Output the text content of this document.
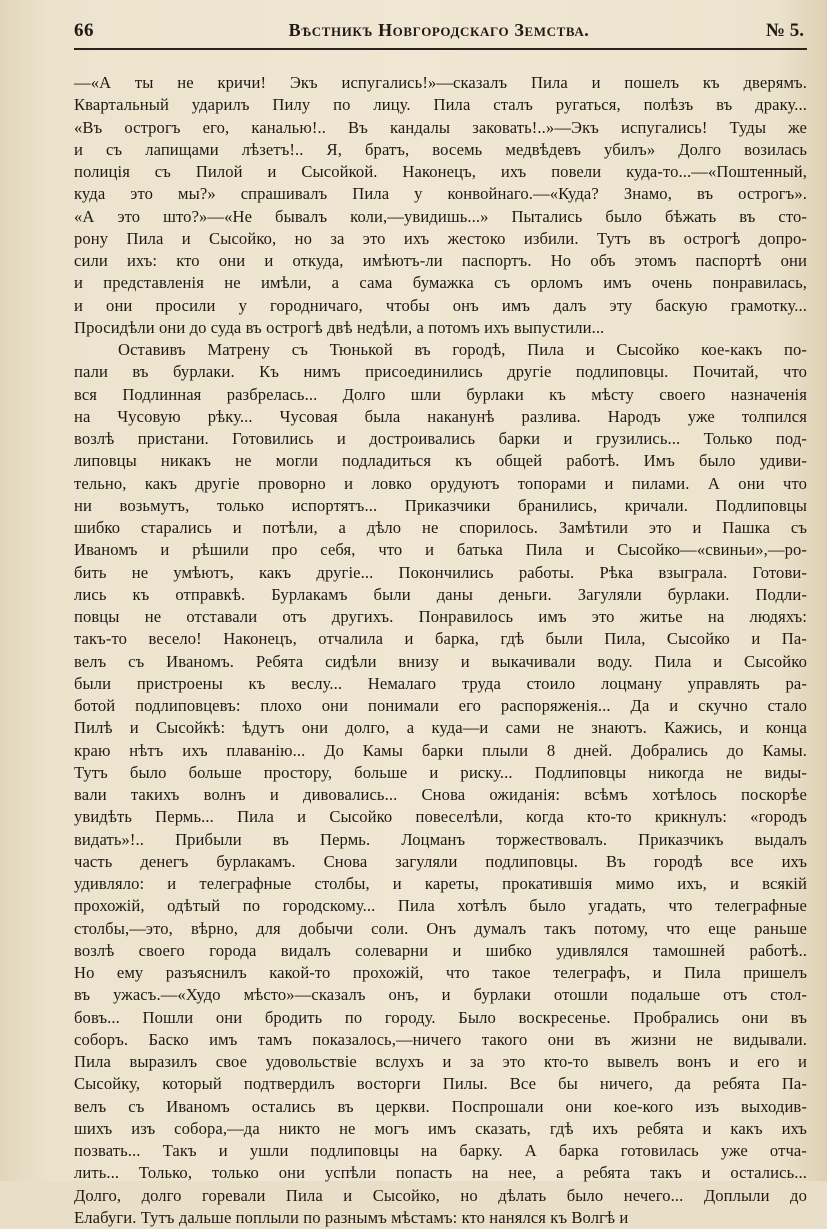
66	Вѣстникъ Новгородскаго Земства.	№ 5.
—«А ты не кричи! Экъ испугались!»—сказалъ Пила и пошелъ къ дверямъ.
Квартальный ударилъ Пилу по лицу. Пила сталъ ругаться, полѣзъ въ драку...
«Въ острогъ его, каналью!.. Въ кандалы заковать!..»—Экъ испугались! Туды же
и съ лапищами лѣзетъ!.. Я, братъ, восемь медвѣдевъ убилъ» Долго возилась
полиція съ Пилой и Сысойкой. Наконецъ, ихъ повели куда-то...—«Поштенный,
куда это мы?» спрашивалъ Пила у конвойнаго.—«Куда? Знамо, въ острогъ».
«А это што?»—«Не бывалъ коли,—увидишь...» Пытались было бѣжать въ сто-
рону Пила и Сысойко, но за это ихъ жестоко избили. Тутъ въ острогѣ допро-
сили ихъ: кто они и откуда, имѣютъ-ли паспортъ. Но объ этомъ паспортѣ они
и представленія не имѣли, а сама бумажка съ орломъ имъ очень понравилась,
и они просили у городничаго, чтобы онъ имъ далъ эту баскую грамотку...
Просидѣли они до суда въ острогѣ двѣ недѣли, а потомъ ихъ выпустили...
Оставивъ Матрену съ Тюнькой въ городѣ, Пила и Сысойко кое-какъ по-
пали въ бурлаки. Къ нимъ присоединились другіе подлиповцы. Почитай, что
вся Подлинная разбрелась... Долго шли бурлаки къ мѣсту своего назначенія
на Чусовую рѣку... Чусовая была наканунѣ разлива. Народъ уже толпился
возлѣ пристани. Готовились и достроивались барки и грузились... Только под-
липовцы никакъ не могли подладиться къ общей работѣ. Имъ было удиви-
тельно, какъ другіе проворно и ловко орудуютъ топорами и пилами. А они что
ни возьмутъ, только испортятъ... Приказчики бранились, кричали. Подлиповцы
шибко старались и потѣли, а дѣло не спорилось. Замѣтили это и Пашка съ
Иваномъ и рѣшили про себя, что и батька Пила и Сысойко—«свиньи»,—ро-
бить не умѣютъ, какъ другіе... Покончились работы. Рѣка взыграла. Готови-
лись къ отправкѣ. Бурлакамъ были даны деньги. Загуляли бурлаки. Подли-
повцы не отставали отъ другихъ. Понравилось имъ это житье на людяхъ:
такъ-то весело! Наконецъ, отчалила и барка, гдѣ были Пила, Сысойко и Па-
велъ съ Иваномъ. Ребята сидѣли внизу и выкачивали воду. Пила и Сысойко
были пристроены къ веслу... Немалаго труда стоило лоцману управлять ра-
ботой подлиповцевъ: плохо они понимали его распоряженія... Да и скучно стало
Пилѣ и Сысойкѣ: ѣдутъ они долго, а куда—и сами не знаютъ. Кажись, и конца
краю нѣтъ ихъ плаванію... До Камы барки плыли 8 дней. Добрались до Камы.
Тутъ было больше простору, больше и риску... Подлиповцы никогда не виды-
вали такихъ волнъ и дивовались... Снова ожиданія: всѣмъ хотѣлось поскорѣе
увидѣть Пермь... Пила и Сысойко повеселѣли, когда кто-то крикнулъ: «городъ
видать»!.. Прибыли въ Пермь. Лоцманъ торжествовалъ. Приказчикъ выдалъ
часть денегъ бурлакамъ. Снова загуляли подлиповцы. Въ городѣ все ихъ
удивляло: и телеграфные столбы, и кареты, прокатившія мимо ихъ, и всякій
прохожій, одѣтый по городскому... Пила хотѣлъ было угадать, что телеграфные
столбы,—это, вѣрно, для добычи соли. Онъ думалъ такъ потому, что еще раньше
возлѣ своего города видалъ солеварни и шибко удивлялся тамошней работѣ..
Но ему разъяснилъ какой-то прохожій, что такое телеграфъ, и Пила пришелъ
въ ужасъ.—«Худо мѣсто»—сказалъ онъ, и бурлаки отошли подальше отъ стол-
бовъ... Пошли они бродить по городу. Было воскресенье. Пробрались они въ
соборъ. Баско имъ тамъ показалось,—ничего такого они въ жизни не видывали.
Пила выразилъ свое удовольствіе вслухъ и за это кто-то вывелъ вонъ и его и
Сысойку, который подтвердилъ восторги Пилы. Все бы ничего, да ребята Па-
велъ съ Иваномъ остались въ церкви. Поспрошали они кое-кого изъ выходив-
шихъ изъ собора,—да никто не могъ имъ сказать, гдѣ ихъ ребята и какъ ихъ
позвать... Такъ и ушли подлиповцы на барку. А барка готовилась уже отча-
лить... Только, только они успѣли попасть на нее, а ребята такъ и остались...
Долго, долго горевали Пила и Сысойко, но дѣлать было нечего... Доплыли до
Елабуги. Тутъ дальше поплыли по разнымъ мѣстамъ: кто нанялся къ Волгѣ и
